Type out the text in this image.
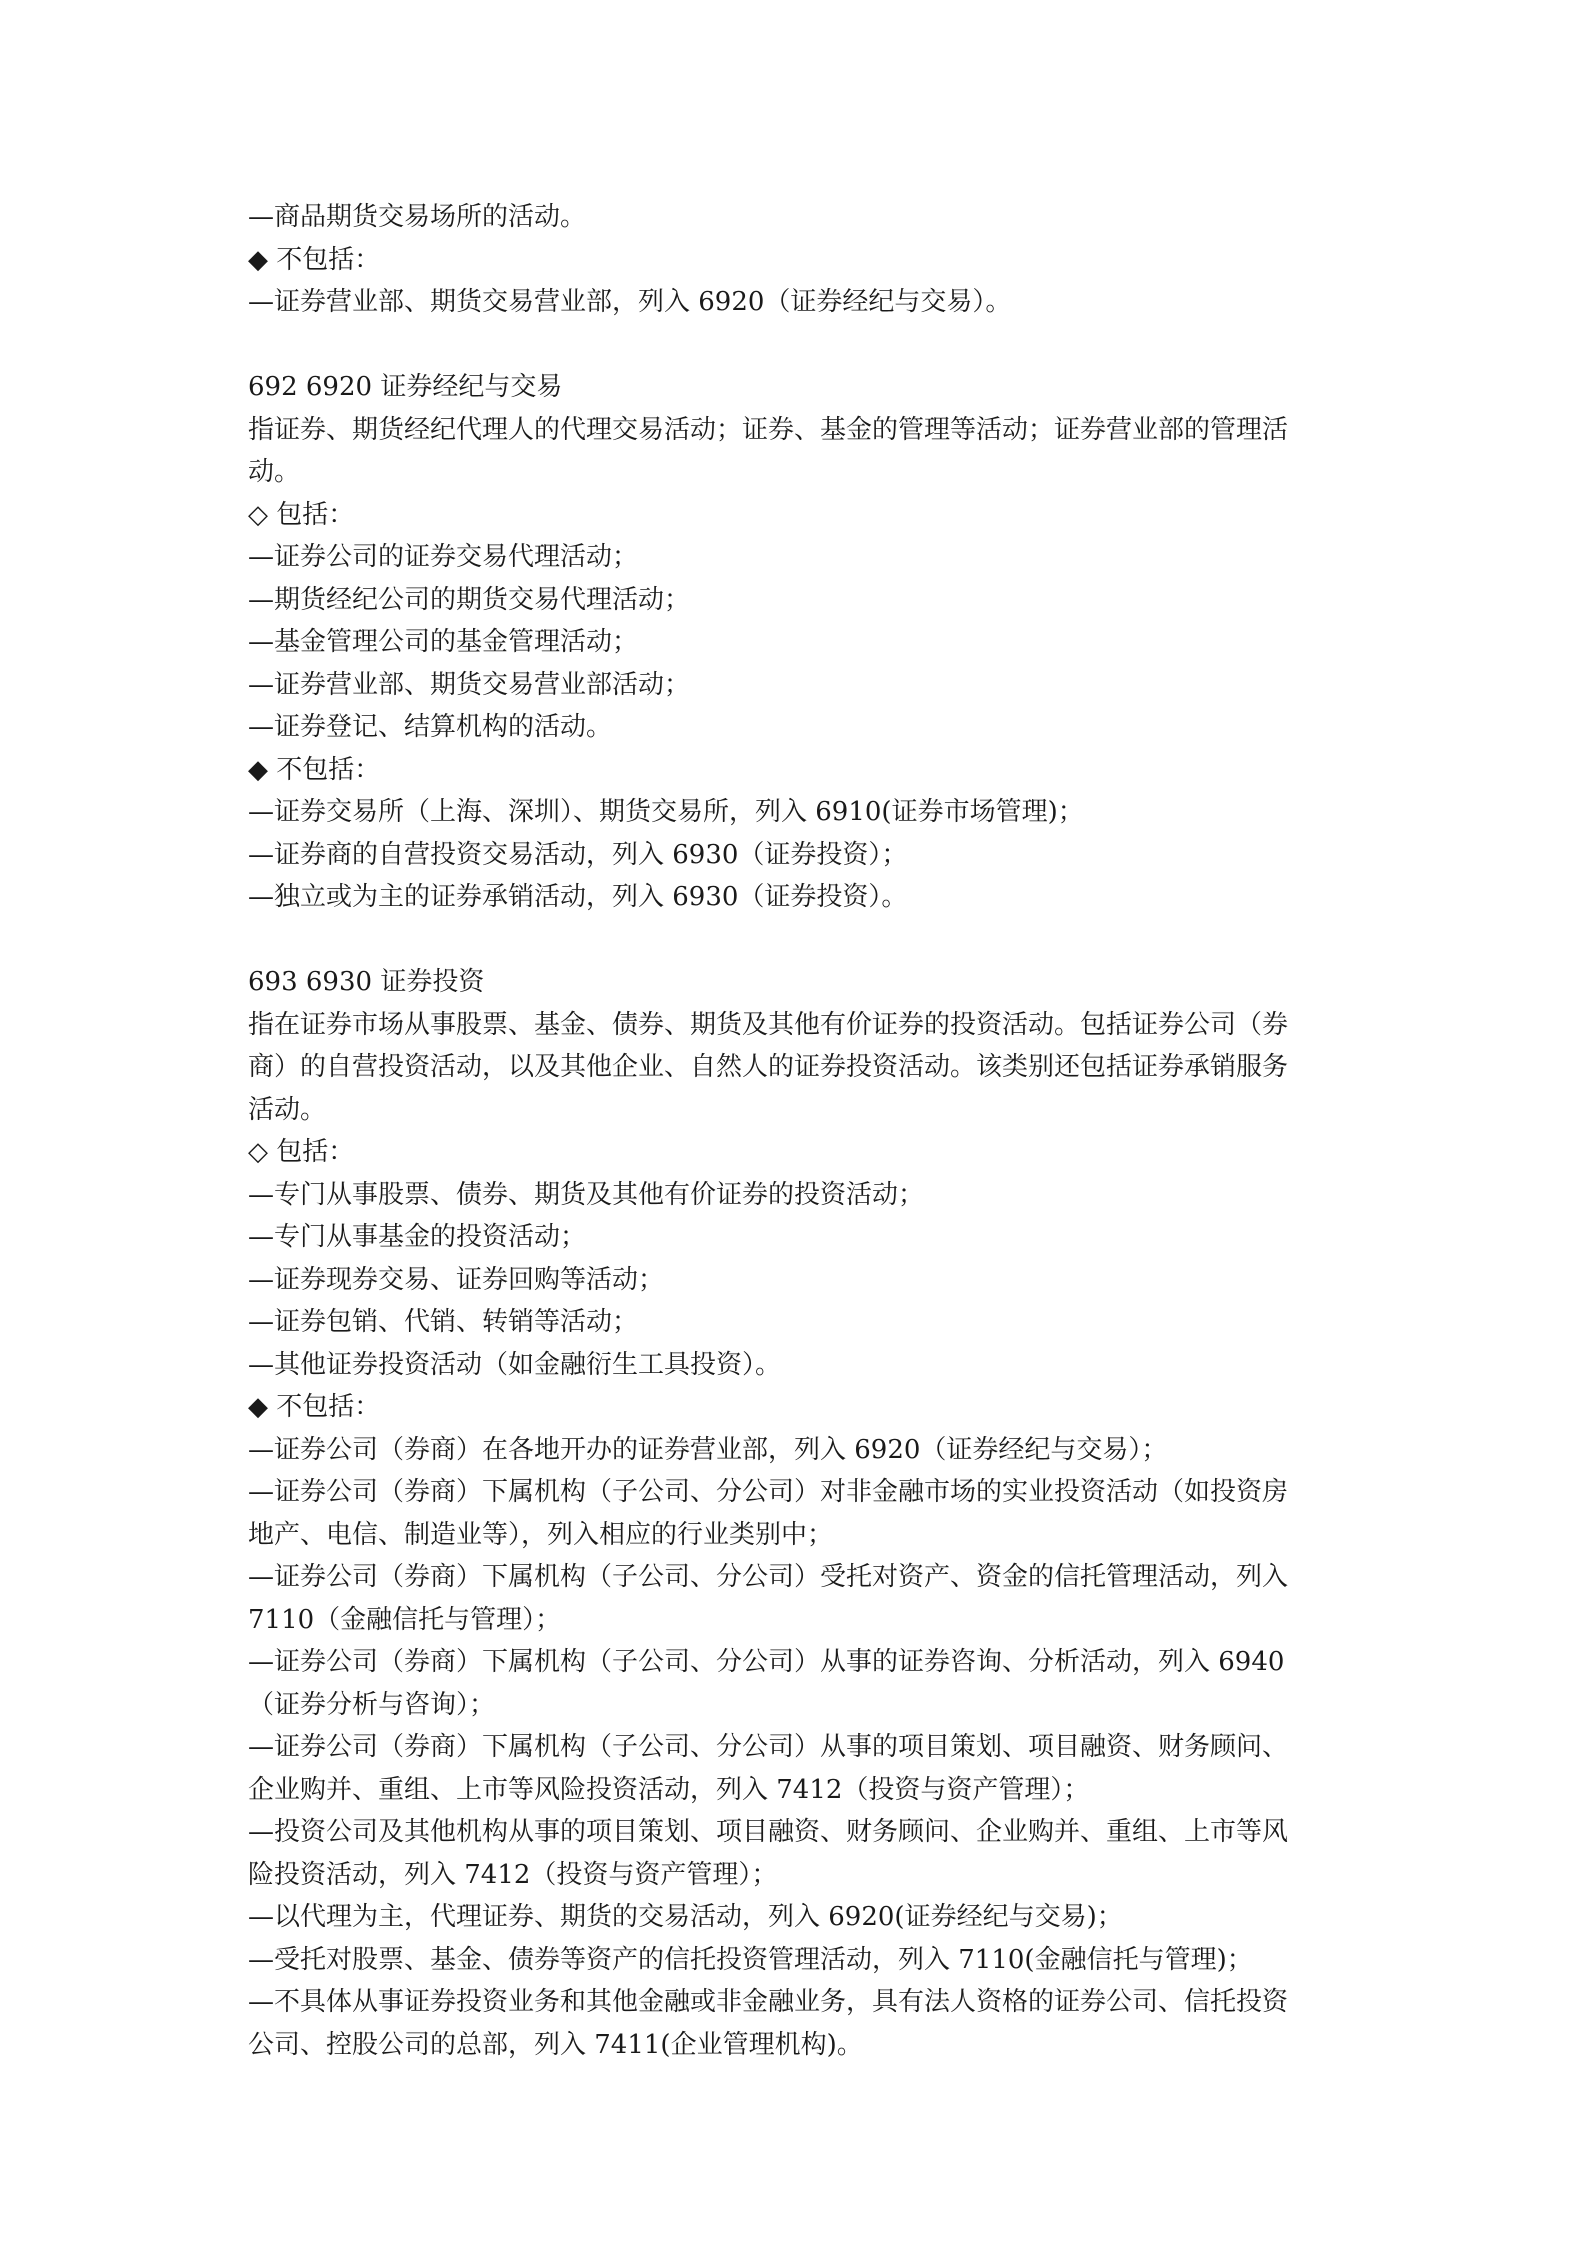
—商品期货交易场所的活动。
◆ 不包括：
—证券营业部、期货交易营业部，列入 6920（证券经纪与交易）。
692 6920 证券经纪与交易
指证券、期货经纪代理人的代理交易活动；证券、基金的管理等活动；证券营业部的管理活
动。
◇ 包括：
—证券公司的证券交易代理活动；
—期货经纪公司的期货交易代理活动；
—基金管理公司的基金管理活动；
—证券营业部、期货交易营业部活动；
—证券登记、结算机构的活动。
◆ 不包括：
—证券交易所（上海、深圳）、期货交易所，列入 6910(证券市场管理)；
—证券商的自营投资交易活动，列入 6930（证券投资）；
—独立或为主的证券承销活动，列入 6930（证券投资）。
693 6930 证券投资
指在证券市场从事股票、基金、债券、期货及其他有价证券的投资活动。包括证券公司（券
商）的自营投资活动，以及其他企业、自然人的证券投资活动。该类别还包括证券承销服务
活动。
◇ 包括：
—专门从事股票、债券、期货及其他有价证券的投资活动；
—专门从事基金的投资活动；
—证券现券交易、证券回购等活动；
—证券包销、代销、转销等活动；
—其他证券投资活动（如金融衍生工具投资）。
◆ 不包括：
—证券公司（券商）在各地开办的证券营业部，列入 6920（证券经纪与交易）；
—证券公司（券商）下属机构（子公司、分公司）对非金融市场的实业投资活动（如投资房
地产、电信、制造业等），列入相应的行业类别中；
—证券公司（券商）下属机构（子公司、分公司）受托对资产、资金的信托管理活动，列入
7110（金融信托与管理）；
—证券公司（券商）下属机构（子公司、分公司）从事的证券咨询、分析活动，列入 6940
（证券分析与咨询）；
—证券公司（券商）下属机构（子公司、分公司）从事的项目策划、项目融资、财务顾问、
企业购并、重组、上市等风险投资活动，列入 7412（投资与资产管理）；
—投资公司及其他机构从事的项目策划、项目融资、财务顾问、企业购并、重组、上市等风
险投资活动，列入 7412（投资与资产管理）；
—以代理为主，代理证券、期货的交易活动，列入 6920(证券经纪与交易)；
—受托对股票、基金、债券等资产的信托投资管理活动，列入 7110(金融信托与管理)；
—不具体从事证券投资业务和其他金融或非金融业务，具有法人资格的证券公司、信托投资
公司、控股公司的总部，列入 7411(企业管理机构)。
